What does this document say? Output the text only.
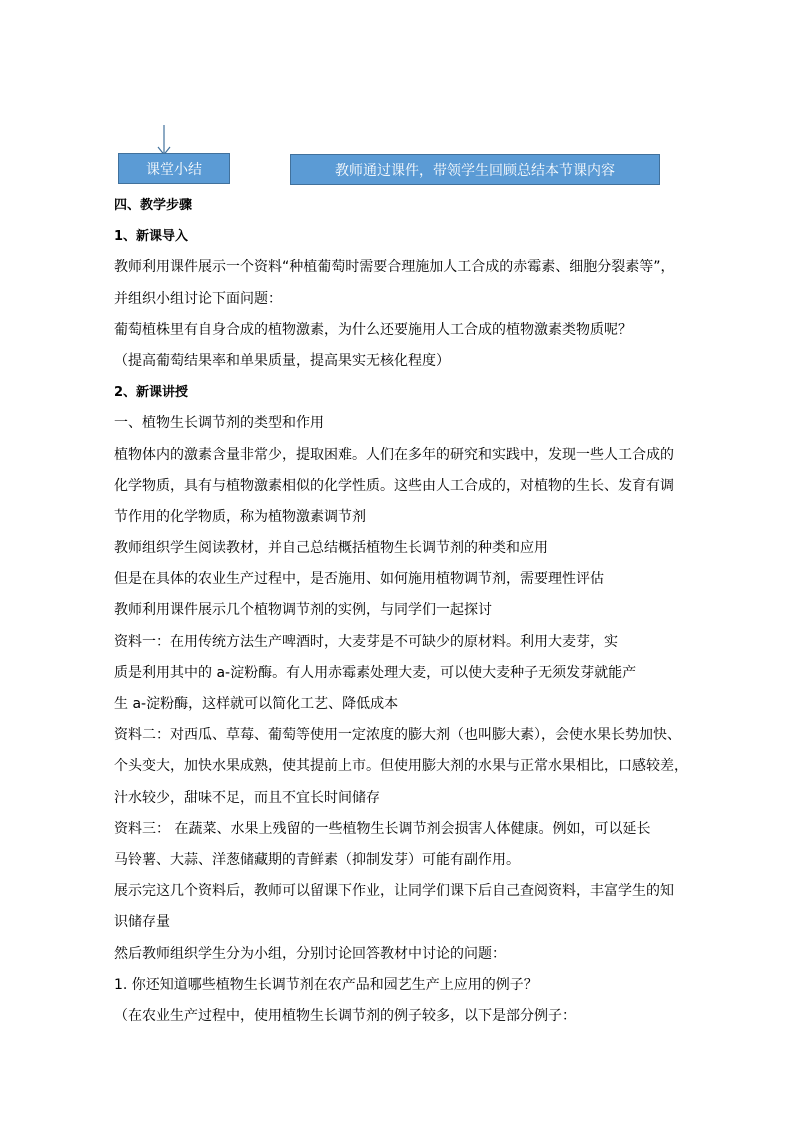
课堂小结	教师通过课件，带领学生回顾总结本节课内容
四、教学步骤
1、新课导入
教师利用课件展示一个资料“种植葡萄时需要合理施加人工合成的赤霉素、细胞分裂素等”，
并组织小组讨论下面问题：
葡萄植株里有自身合成的植物激素，为什么还要施用人工合成的植物激素类物质呢？
（提高葡萄结果率和单果质量，提高果实无核化程度）
2、新课讲授
一、植物生长调节剂的类型和作用
植物体内的激素含量非常少，提取困难。人们在多年的研究和实践中，发现一些人工合成的
化学物质，具有与植物激素相似的化学性质。这些由人工合成的，对植物的生长、发育有调
节作用的化学物质，称为植物激素调节剂
教师组织学生阅读教材，并自己总结概括植物生长调节剂的种类和应用
但是在具体的农业生产过程中，是否施用、如何施用植物调节剂，需要理性评估
教师利用课件展示几个植物调节剂的实例，与同学们一起探讨
资料一：在用传统方法生产啤酒时，大麦芽是不可缺少的原材料。利用大麦芽，实
质是利用其中的 a-淀粉酶。有人用赤霉素处理大麦，可以使大麦种子无须发芽就能产
生 a-淀粉酶，这样就可以简化工艺、降低成本
资料二：对西瓜、草莓、葡萄等使用一定浓度的膨大剂（也叫膨大素），会使水果长势加快、
个头变大，加快水果成熟，使其提前上市。但使用膨大剂的水果与正常水果相比，口感较差，
汁水较少，甜味不足，而且不宜长时间储存
资料三： 在蔬菜、水果上残留的一些植物生长调节剂会损害人体健康。例如，可以延长
马铃薯、大蒜、洋葱储藏期的青鲜素（抑制发芽）可能有副作用。
展示完这几个资料后，教师可以留课下作业，让同学们课下后自己查阅资料，丰富学生的知
识储存量
然后教师组织学生分为小组，分别讨论回答教材中讨论的问题：
1. 你还知道哪些植物生长调节剂在农产品和园艺生产上应用的例子？
（在农业生产过程中，使用植物生长调节剂的例子较多，以下是部分例子：
